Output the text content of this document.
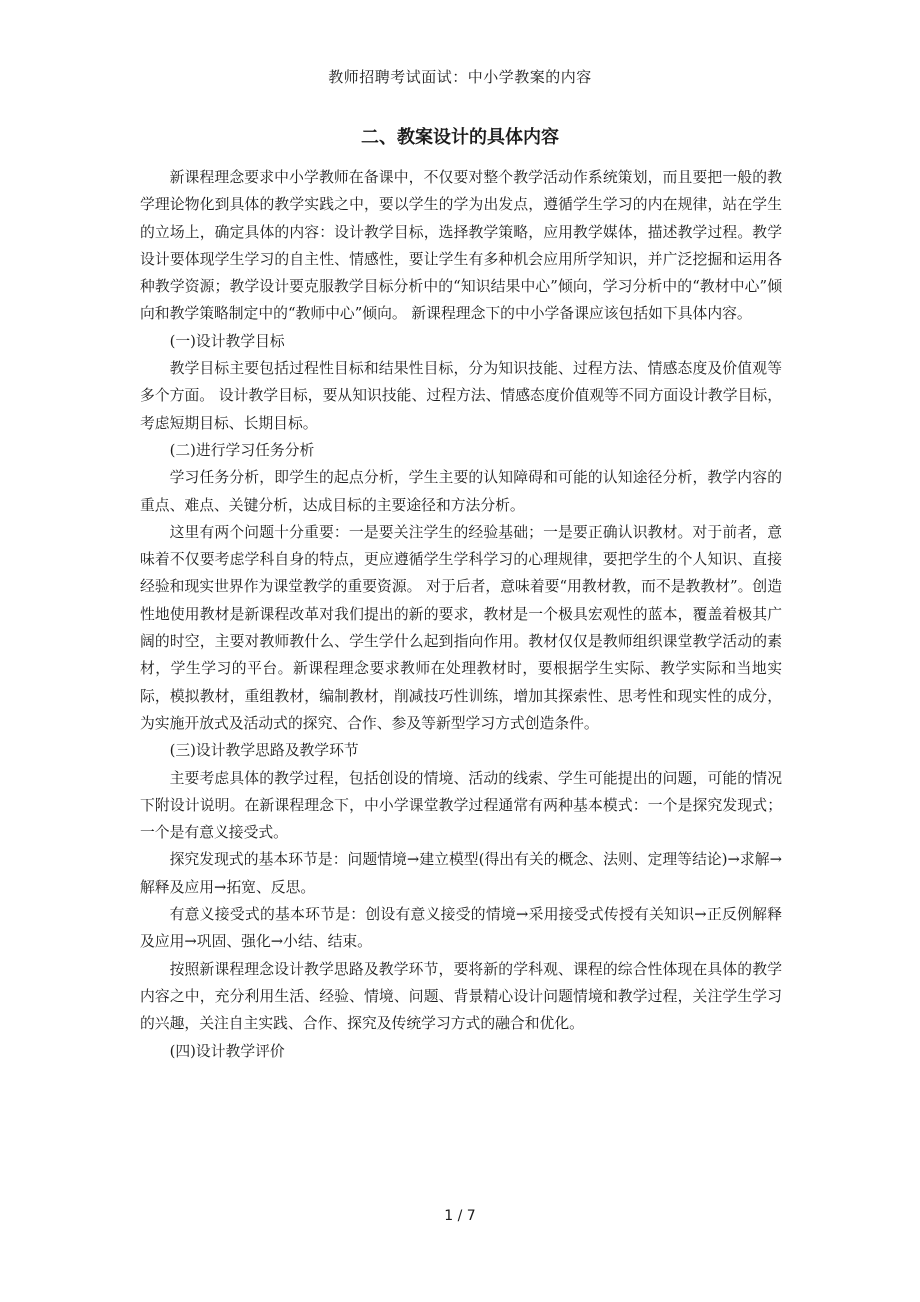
教师招聘考试面试：中小学教案的内容
二、教案设计的具体内容

新课程理念要求中小学教师在备课中，不仅要对整个教学活动作系统策划，而且要把一般的教学理论物化到具体的教学实践之中，要以学生的学为出发点，遵循学生学习的内在规律，站在学生的立场上，确定具体的内容：设计教学目标，选择教学策略，应用教学媒体，描述教学过程。教学设计要体现学生学习的自主性、情感性，要让学生有多种机会应用所学知识，并广泛挖掘和运用各种教学资源；教学设计要克服教学目标分析中的“知识结果中心”倾向，学习分析中的“教材中心”倾向和教学策略制定中的“教师中心”倾向。 新课程理念下的中小学备课应该包括如下具体内容。

(一)设计教学目标

教学目标主要包括过程性目标和结果性目标，分为知识技能、过程方法、情感态度及价值观等多个方面。 设计教学目标，要从知识技能、过程方法、情感态度价值观等不同方面设计教学目标，考虑短期目标、长期目标。

(二)进行学习任务分析

学习任务分析，即学生的起点分析，学生主要的认知障碍和可能的认知途径分析，教学内容的重点、难点、关键分析，达成目标的主要途径和方法分析。

这里有两个问题十分重要：一是要关注学生的经验基础；一是要正确认识教材。对于前者，意味着不仅要考虑学科自身的特点，更应遵循学生学科学习的心理规律，要把学生的个人知识、直接经验和现实世界作为课堂教学的重要资源。 对于后者，意味着要“用教材教，而不是教教材”。创造性地使用教材是新课程改革对我们提出的新的要求，教材是一个极具宏观性的蓝本，覆盖着极其广阔的时空，主要对教师教什么、学生学什么起到指向作用。教材仅仅是教师组织课堂教学活动的素材，学生学习的平台。新课程理念要求教师在处理教材时，要根据学生实际、教学实际和当地实际，模拟教材，重组教材，编制教材，削减技巧性训练，增加其探索性、思考性和现实性的成分，为实施开放式及活动式的探究、合作、参及等新型学习方式创造条件。

(三)设计教学思路及教学环节

主要考虑具体的教学过程，包括创设的情境、活动的线索、学生可能提出的问题，可能的情况下附设计说明。在新课程理念下，中小学课堂教学过程通常有两种基本模式：一个是探究发现式；一个是有意义接受式。

探究发现式的基本环节是：问题情境→建立模型(得出有关的概念、法则、定理等结论)→求解→解释及应用→拓宽、反思。

有意义接受式的基本环节是：创设有意义接受的情境→采用接受式传授有关知识→正反例解释及应用→巩固、强化→小结、结束。

按照新课程理念设计教学思路及教学环节，要将新的学科观、课程的综合性体现在具体的教学内容之中，充分利用生活、经验、情境、问题、背景精心设计问题情境和教学过程，关注学生学习的兴趣，关注自主实践、合作、探究及传统学习方式的融合和优化。

(四)设计教学评价

1 / 7
